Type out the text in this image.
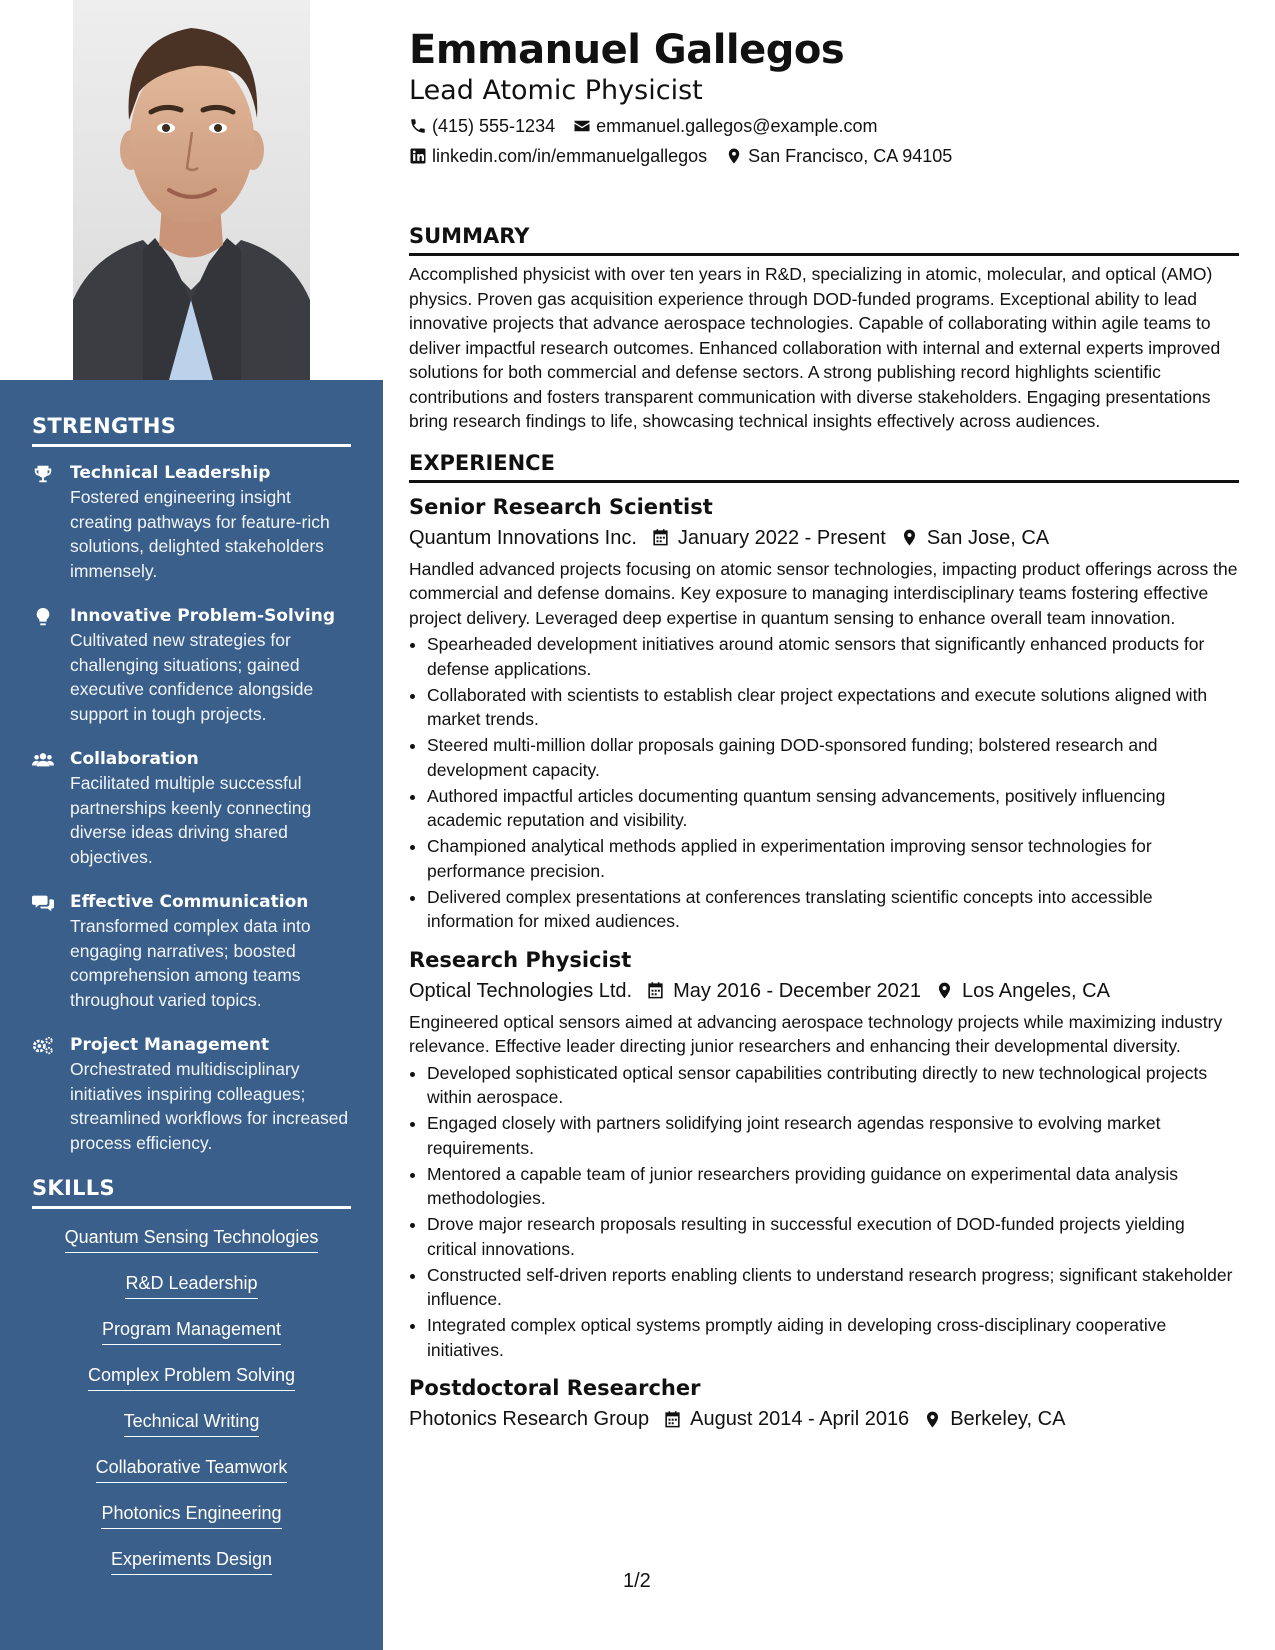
STRENGTHS
Technical Leadership
Fostered engineering insight creating pathways for feature-rich solutions, delighted stakeholders immensely.
Innovative Problem-Solving
Cultivated new strategies for challenging situations; gained executive confidence alongside support in tough projects.
Collaboration
Facilitated multiple successful partnerships keenly connecting diverse ideas driving shared objectives.
Effective Communication
Transformed complex data into engaging narratives; boosted comprehension among teams throughout varied topics.
Project Management
Orchestrated multidisciplinary initiatives inspiring colleagues; streamlined workflows for increased process efficiency.
SKILLS
Quantum Sensing Technologies
R&D Leadership
Program Management
Complex Problem Solving
Technical Writing
Collaborative Teamwork
Photonics Engineering
Experiments Design
Emmanuel Gallegos
Lead Atomic Physicist
(415) 555-1234 emmanuel.gallegos@example.com
linkedin.com/in/emmanuelgallegos San Francisco, CA 94105
SUMMARY
Accomplished physicist with over ten years in R&D, specializing in atomic, molecular, and optical (AMO) physics. Proven gas acquisition experience through DOD-funded programs. Exceptional ability to lead innovative projects that advance aerospace technologies. Capable of collaborating within agile teams to deliver impactful research outcomes. Enhanced collaboration with internal and external experts improved solutions for both commercial and defense sectors. A strong publishing record highlights scientific contributions and fosters transparent communication with diverse stakeholders. Engaging presentations bring research findings to life, showcasing technical insights effectively across audiences.
EXPERIENCE
Senior Research Scientist
Quantum Innovations Inc. January 2022 - Present San Jose, CA
Handled advanced projects focusing on atomic sensor technologies, impacting product offerings across the commercial and defense domains. Key exposure to managing interdisciplinary teams fostering effective project delivery. Leveraged deep expertise in quantum sensing to enhance overall team innovation.
• Spearheaded development initiatives around atomic sensors that significantly enhanced products for defense applications.
• Collaborated with scientists to establish clear project expectations and execute solutions aligned with market trends.
• Steered multi-million dollar proposals gaining DOD-sponsored funding; bolstered research and development capacity.
• Authored impactful articles documenting quantum sensing advancements, positively influencing academic reputation and visibility.
• Championed analytical methods applied in experimentation improving sensor technologies for performance precision.
• Delivered complex presentations at conferences translating scientific concepts into accessible information for mixed audiences.
Research Physicist
Optical Technologies Ltd. May 2016 - December 2021 Los Angeles, CA
Engineered optical sensors aimed at advancing aerospace technology projects while maximizing industry relevance. Effective leader directing junior researchers and enhancing their developmental diversity.
• Developed sophisticated optical sensor capabilities contributing directly to new technological projects within aerospace.
• Engaged closely with partners solidifying joint research agendas responsive to evolving market requirements.
• Mentored a capable team of junior researchers providing guidance on experimental data analysis methodologies.
• Drove major research proposals resulting in successful execution of DOD-funded projects yielding critical innovations.
• Constructed self-driven reports enabling clients to understand research progress; significant stakeholder influence.
• Integrated complex optical systems promptly aiding in developing cross-disciplinary cooperative initiatives.
Postdoctoral Researcher
Photonics Research Group August 2014 - April 2016 Berkeley, CA
1/2
